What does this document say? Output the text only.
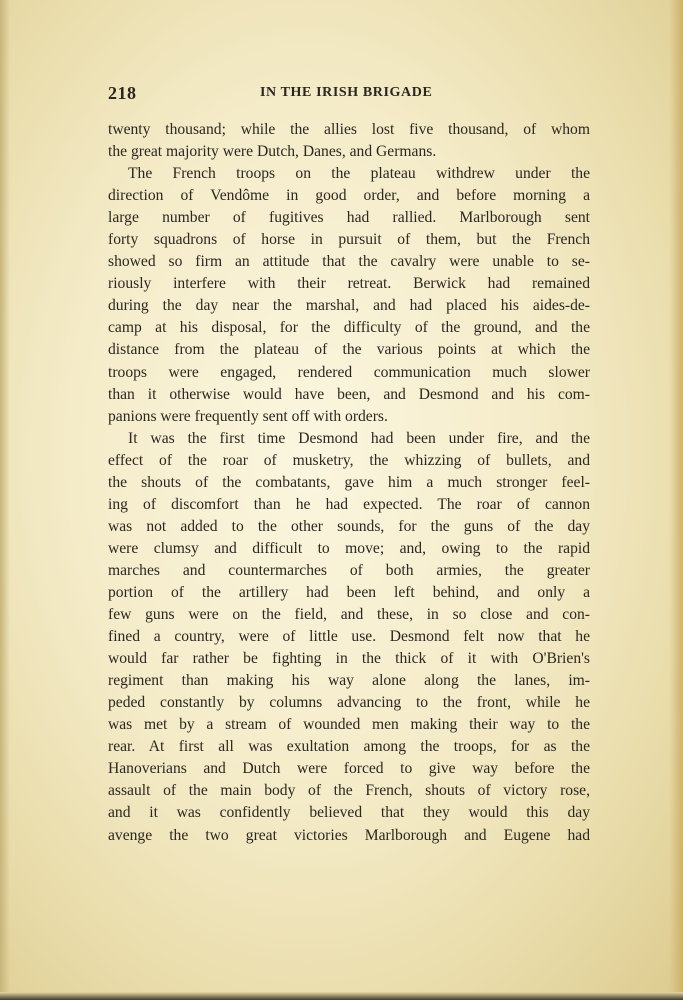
218	IN THE IRISH BRIGADE
twenty thousand; while the allies lost five thousand, of whom
the great majority were Dutch, Danes, and Germans.
The French troops on the plateau withdrew under the
direction of Vendôme in good order, and before morning a
large number of fugitives had rallied. Marlborough sent
forty squadrons of horse in pursuit of them, but the French
showed so firm an attitude that the cavalry were unable to se-
riously interfere with their retreat. Berwick had remained
during the day near the marshal, and had placed his aides-de-
camp at his disposal, for the difficulty of the ground, and the
distance from the plateau of the various points at which the
troops were engaged, rendered communication much slower
than it otherwise would have been, and Desmond and his com-
panions were frequently sent off with orders.
It was the first time Desmond had been under fire, and the
effect of the roar of musketry, the whizzing of bullets, and
the shouts of the combatants, gave him a much stronger feel-
ing of discomfort than he had expected. The roar of cannon
was not added to the other sounds, for the guns of the day
were clumsy and difficult to move; and, owing to the rapid
marches and countermarches of both armies, the greater
portion of the artillery had been left behind, and only a
few guns were on the field, and these, in so close and con-
fined a country, were of little use. Desmond felt now that he
would far rather be fighting in the thick of it with O'Brien's
regiment than making his way alone along the lanes, im-
peded constantly by columns advancing to the front, while he
was met by a stream of wounded men making their way to the
rear. At first all was exultation among the troops, for as the
Hanoverians and Dutch were forced to give way before the
assault of the main body of the French, shouts of victory rose,
and it was confidently believed that they would this day
avenge the two great victories Marlborough and Eugene had
